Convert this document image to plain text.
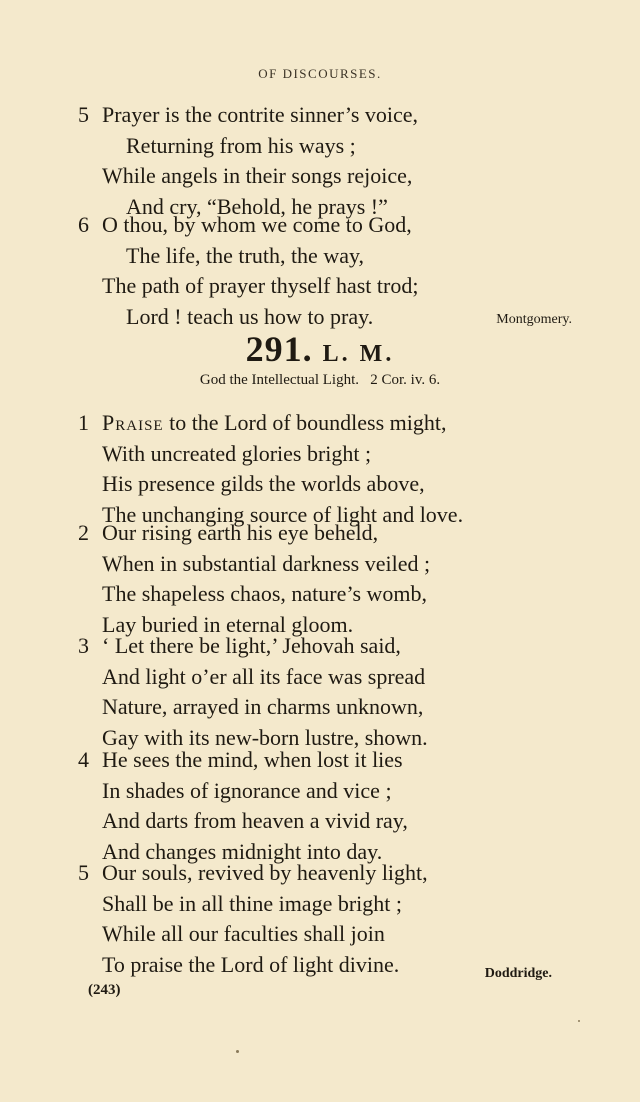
OF DISCOURSES.
5 Prayer is the contrite sinner’s voice,
Returning from his ways ;
While angels in their songs rejoice,
And cry, “Behold, he prays !”
6 O thou, by whom we come to God,
The life, the truth, the way,
The path of prayer thyself hast trod;
Lord ! teach us how to pray.	Montgomery.
291. L. M.
God the Intellectual Light.   2 Cor. iv. 6.
1 Praise to the Lord of boundless might,
With uncreated glories bright ;
His presence gilds the worlds above,
The unchanging source of light and love.
2 Our rising earth his eye beheld,
When in substantial darkness veiled ;
The shapeless chaos, nature’s womb,
Lay buried in eternal gloom.
3 ‘ Let there be light,’ Jehovah said,
And light o’er all its face was spread
Nature, arrayed in charms unknown,
Gay with its new-born lustre, shown.
4 He sees the mind, when lost it lies
In shades of ignorance and vice ;
And darts from heaven a vivid ray,
And changes midnight into day.
5 Our souls, revived by heavenly light,
Shall be in all thine image bright ;
While all our faculties shall join
To praise the Lord of light divine.	Doddridge.
(243)
